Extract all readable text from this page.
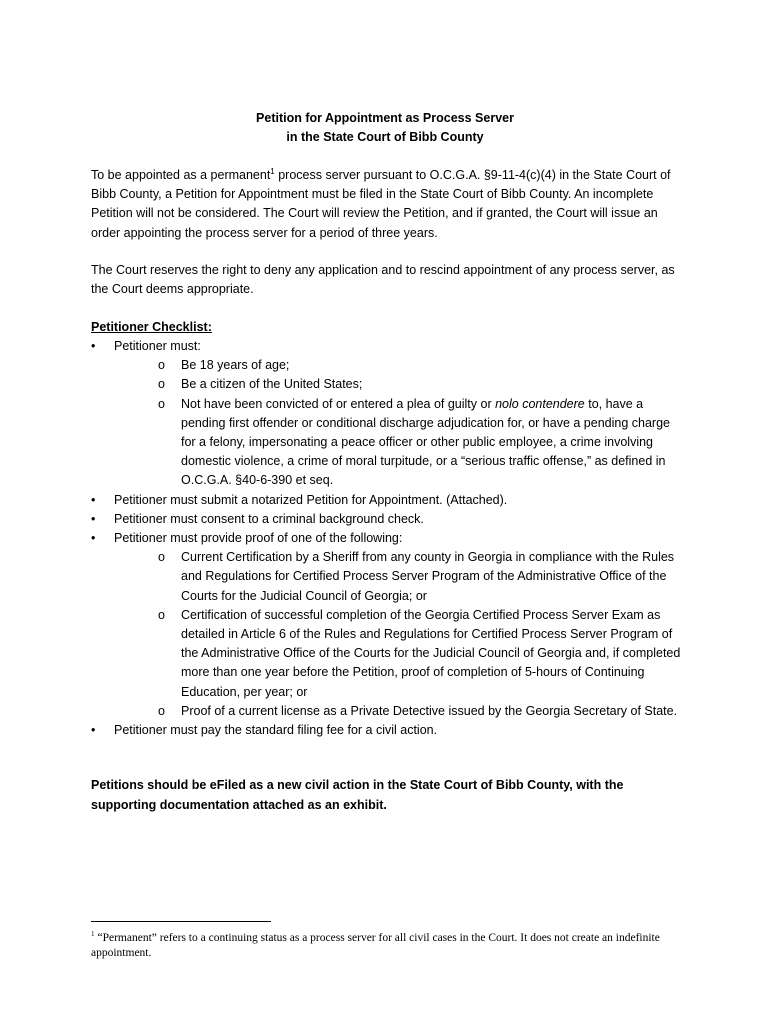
Petition for Appointment as Process Server
in the State Court of Bibb County
To be appointed as a permanent$^1$ process server pursuant to O.C.G.A. §9-11-4(c)(4) in the State Court of Bibb County, a Petition for Appointment must be filed in the State Court of Bibb County. An incomplete Petition will not be considered. The Court will review the Petition, and if granted, the Court will issue an order appointing the process server for a period of three years.
The Court reserves the right to deny any application and to rescind appointment of any process server, as the Court deems appropriate.
Petitioner Checklist:
• Petitioner must:
o Be 18 years of age;
o Be a citizen of the United States;
o Not have been convicted of or entered a plea of guilty or nolo contendere to, have a pending first offender or conditional discharge adjudication for, or have a pending charge for a felony, impersonating a peace officer or other public employee, a crime involving domestic violence, a crime of moral turpitude, or a “serious traffic offense,” as defined in O.C.G.A. §40-6-390 et seq.
• Petitioner must submit a notarized Petition for Appointment. (Attached).
• Petitioner must consent to a criminal background check.
• Petitioner must provide proof of one of the following:
o Current Certification by a Sheriff from any county in Georgia in compliance with the Rules and Regulations for Certified Process Server Program of the Administrative Office of the Courts for the Judicial Council of Georgia; or
o Certification of successful completion of the Georgia Certified Process Server Exam as detailed in Article 6 of the Rules and Regulations for Certified Process Server Program of the Administrative Office of the Courts for the Judicial Council of Georgia and, if completed more than one year before the Petition, proof of completion of 5-hours of Continuing Education, per year; or
o Proof of a current license as a Private Detective issued by the Georgia Secretary of State.
• Petitioner must pay the standard filing fee for a civil action.
Petitions should be eFiled as a new civil action in the State Court of Bibb County, with the supporting documentation attached as an exhibit.
$^1$ “Permanent” refers to a continuing status as a process server for all civil cases in the Court. It does not create an indefinite appointment.
